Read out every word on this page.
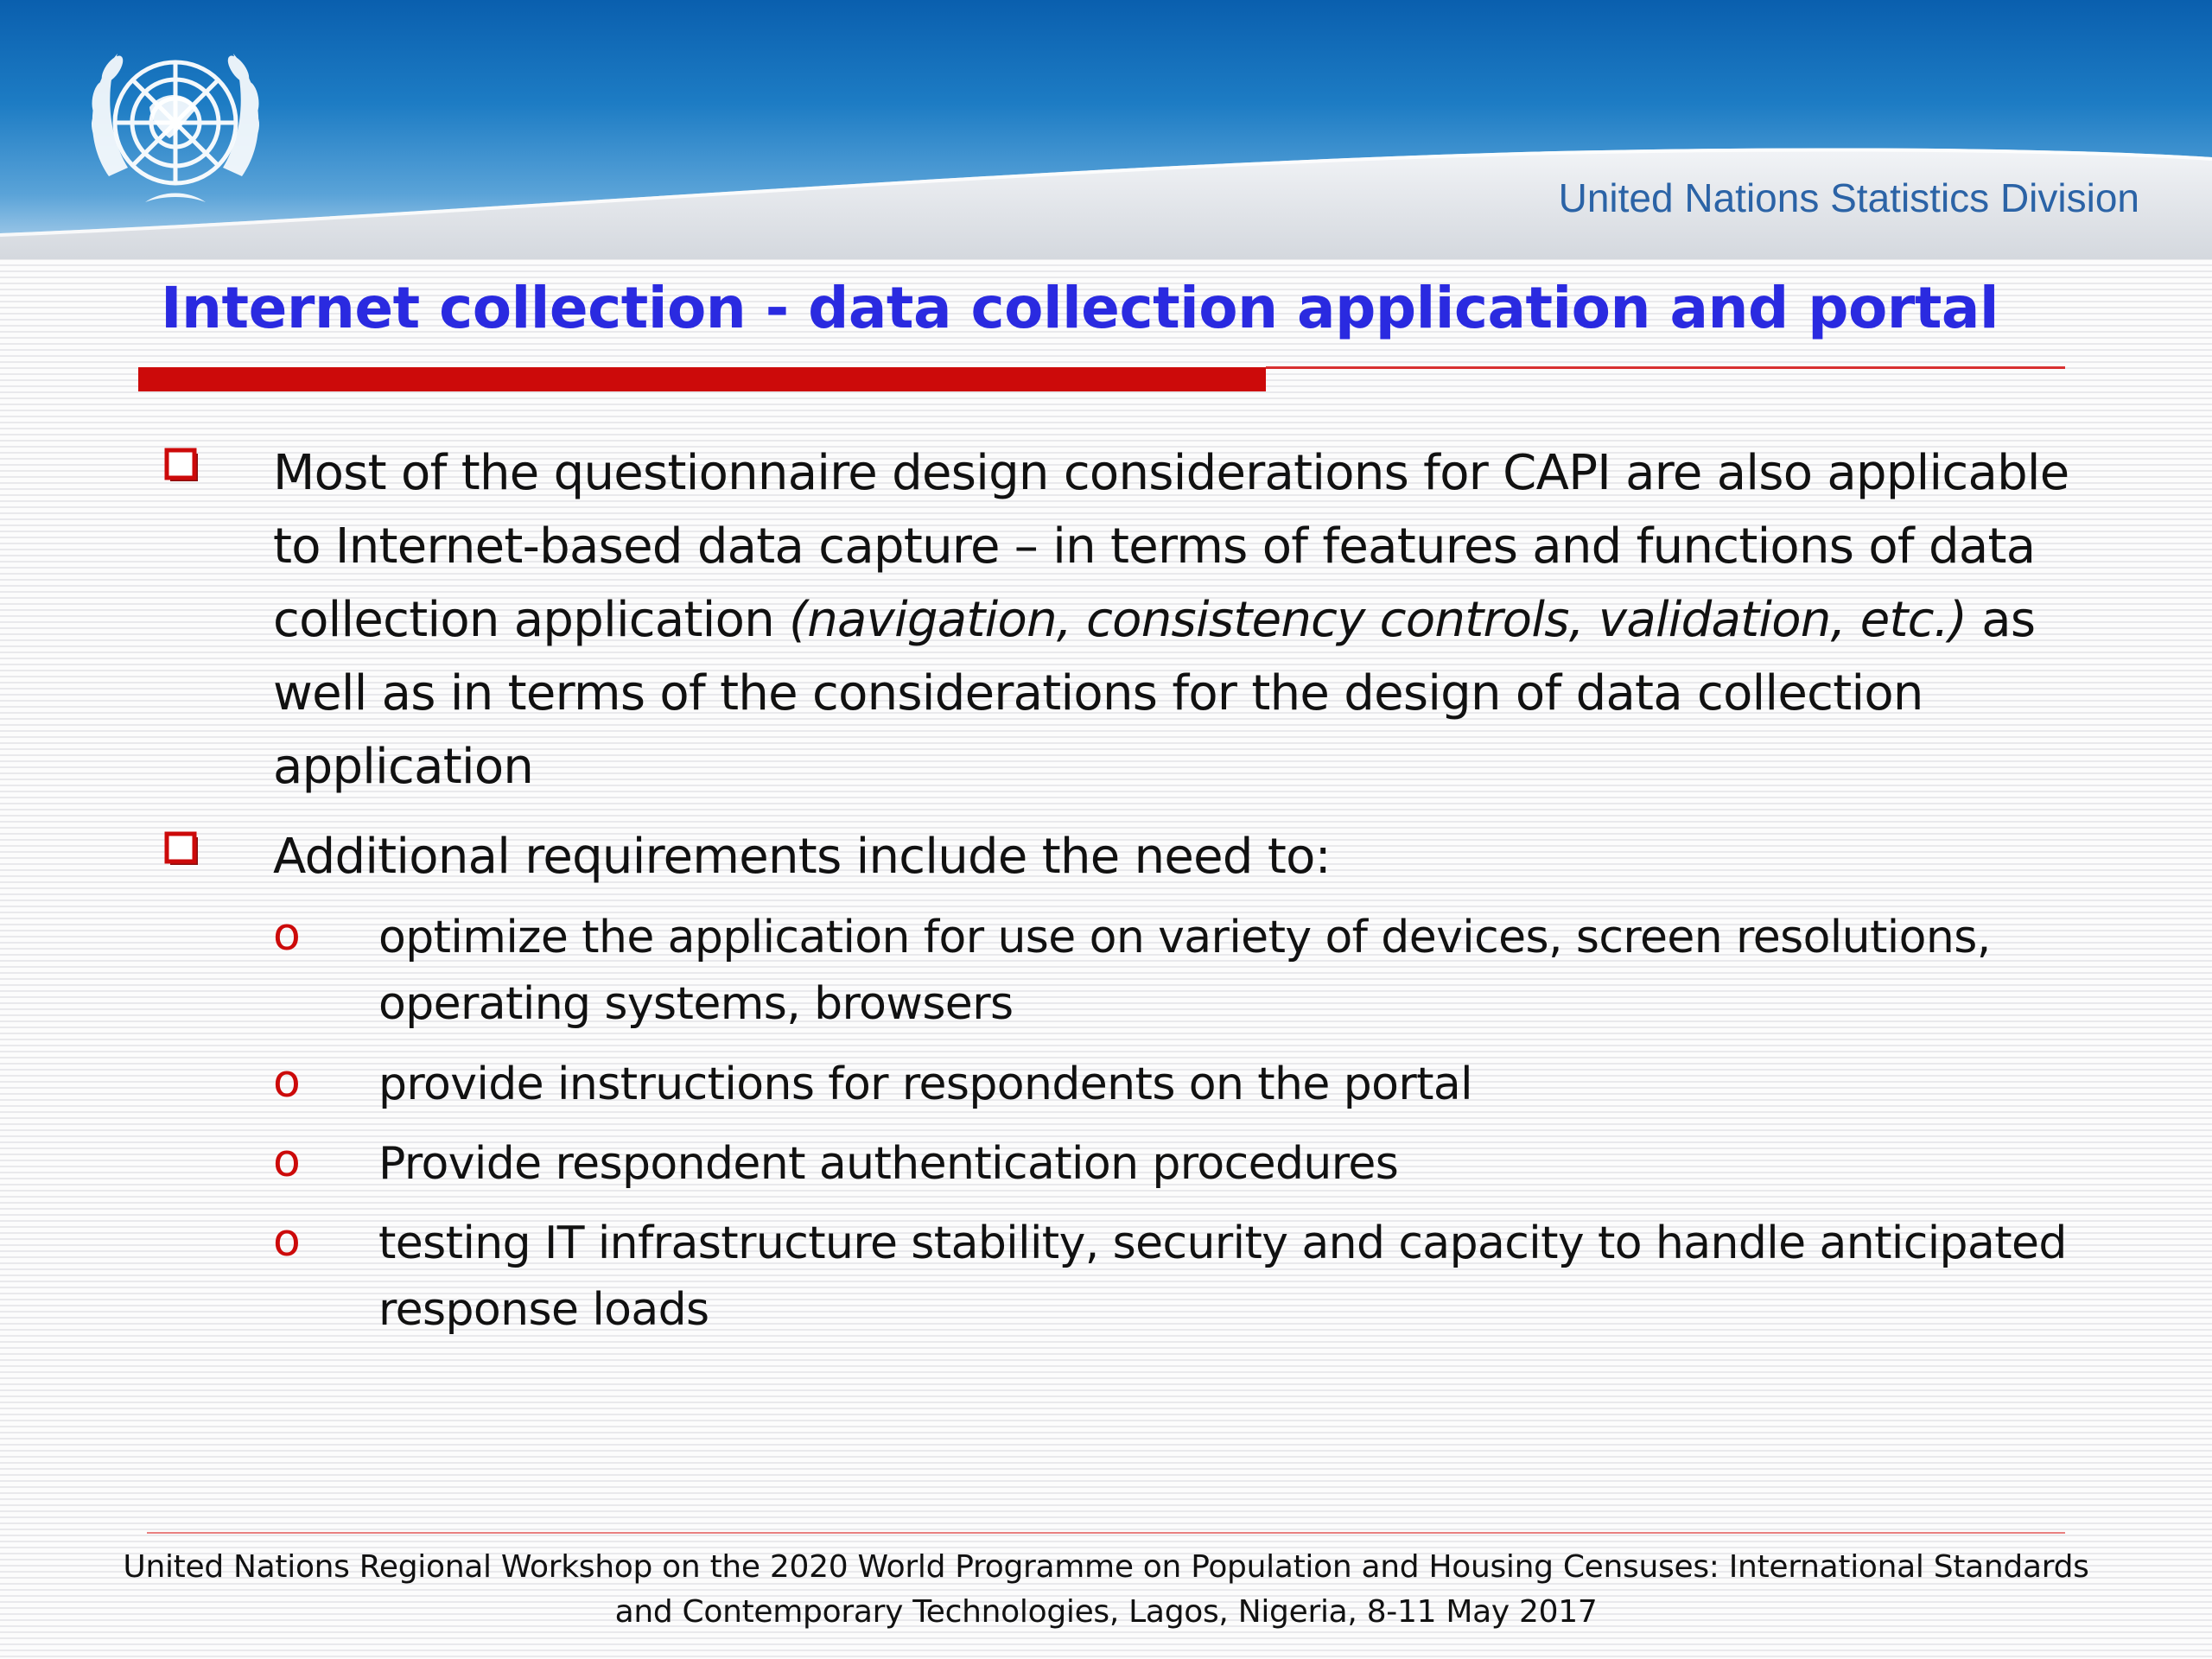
United Nations Statistics Division
Internet collection - data collection application and portal
Most of the questionnaire design considerations for CAPI are also applicable to Internet-based data capture – in terms of features and functions of data collection application (navigation, consistency controls, validation, etc.) as well as in terms of the considerations for the design of data collection application
Additional requirements include the need to:
o optimize the application for use on variety of devices, screen resolutions, operating systems, browsers
o provide instructions for respondents on the portal
o Provide respondent authentication procedures
o testing IT infrastructure stability, security and capacity to handle anticipated response loads
United Nations Regional Workshop on the 2020 World Programme on Population and Housing Censuses: International Standards
and Contemporary Technologies, Lagos, Nigeria, 8-11 May 2017
